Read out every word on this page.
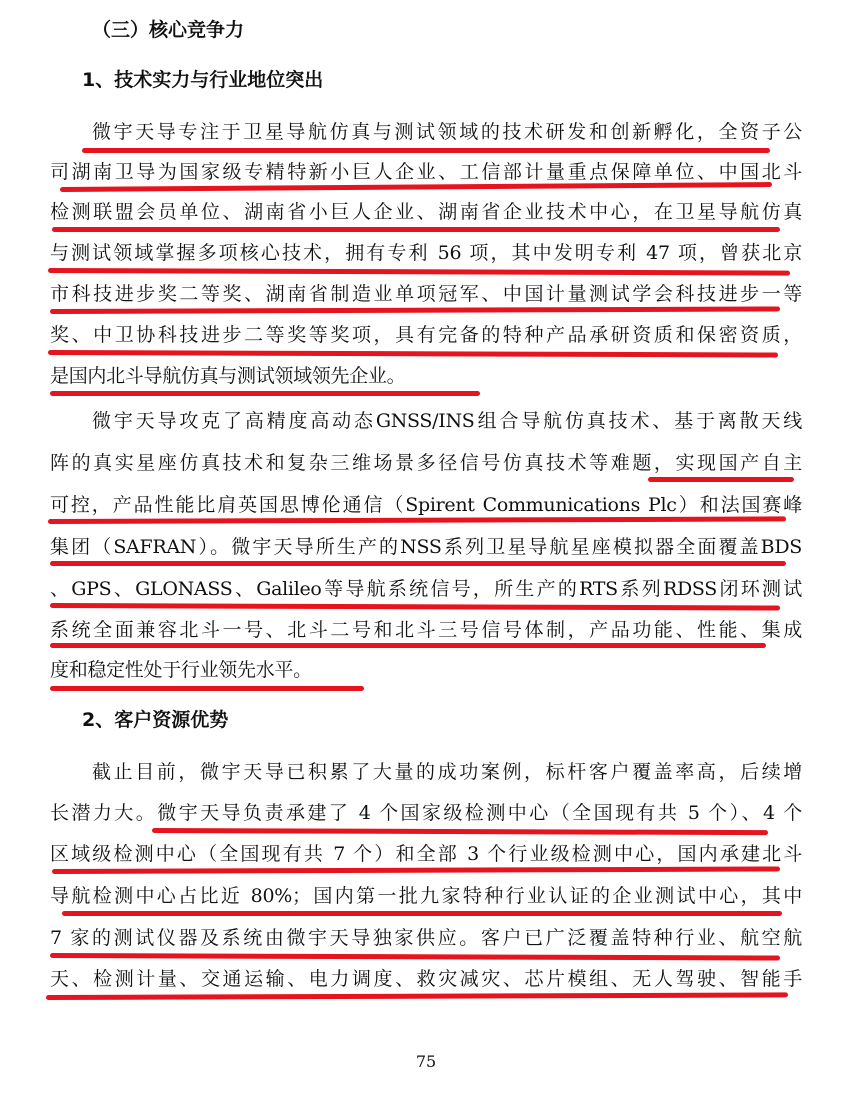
（三）核心竞争力
1、技术实力与行业地位突出
微宇天导专注于卫星导航仿真与测试领域的技术研发和创新孵化，全资子公
司湖南卫导为国家级专精特新小巨人企业、工信部计量重点保障单位、中国北斗
检测联盟会员单位、湖南省小巨人企业、湖南省企业技术中心，在卫星导航仿真
与测试领域掌握多项核心技术，拥有专利 56 项，其中发明专利 47 项，曾获北京
市科技进步奖二等奖、湖南省制造业单项冠军、中国计量测试学会科技进步一等
奖、中卫协科技进步二等奖等奖项，具有完备的特种产品承研资质和保密资质，
是国内北斗导航仿真与测试领域领先企业。
微宇天导攻克了高精度高动态GNSS/INS组合导航仿真技术、基于离散天线
阵的真实星座仿真技术和复杂三维场景多径信号仿真技术等难题，实现国产自主
可控，产品性能比肩英国思博伦通信（Spirent Communications Plc）和法国赛峰
集团（SAFRAN）。微宇天导所生产的NSS系列卫星导航星座模拟器全面覆盖BDS
、GPS、GLONASS、Galileo等导航系统信号，所生产的RTS系列RDSS闭环测试
系统全面兼容北斗一号、北斗二号和北斗三号信号体制，产品功能、性能、集成
度和稳定性处于行业领先水平。
2、客户资源优势
截止目前，微宇天导已积累了大量的成功案例，标杆客户覆盖率高，后续增
长潜力大。微宇天导负责承建了 4 个国家级检测中心（全国现有共 5 个）、4 个
区域级检测中心（全国现有共 7 个）和全部 3 个行业级检测中心，国内承建北斗
导航检测中心占比近 80%；国内第一批九家特种行业认证的企业测试中心，其中
7 家的测试仪器及系统由微宇天导独家供应。客户已广泛覆盖特种行业、航空航
天、检测计量、交通运输、电力调度、救灾减灾、芯片模组、无人驾驶、智能手
75
